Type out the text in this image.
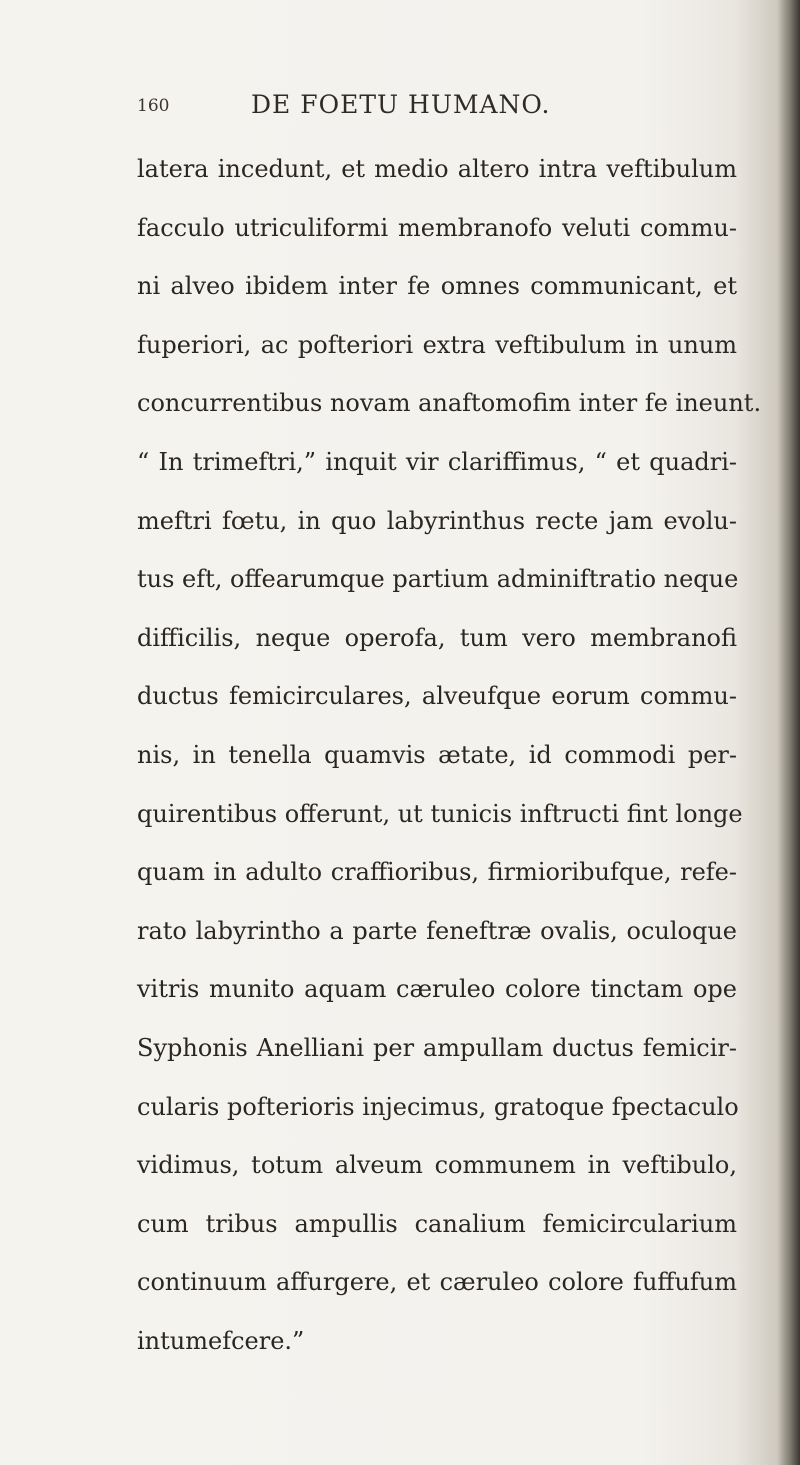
160	DE FOETU HUMANO.
latera incedunt, et medio altero intra veftibulum
facculo utriculiformi membranofo veluti commu-
ni alveo ibidem inter fe omnes communicant, et
fuperiori, ac pofteriori extra veftibulum in unum
concurrentibus novam anaftomofim inter fe ineunt.
“ In trimeftri,” inquit vir clariffimus, “ et quadri-
meftri fœtu, in quo labyrinthus recte jam evolu-
tus eft, offearumque partium adminiftratio neque
difficilis, neque operofa, tum vero membranofi
ductus femicirculares, alveufque eorum commu-
nis, in tenella quamvis ætate, id commodi per-
quirentibus offerunt, ut tunicis inftructi fint longe
quam in adulto craffioribus, firmioribufque, refe-
rato labyrintho a parte feneftræ ovalis, oculoque
vitris munito aquam cæruleo colore tinctam ope
Syphonis Anelliani per ampullam ductus femicir-
cularis pofterioris injecimus, gratoque fpectaculo
vidimus, totum alveum communem in veftibulo,
cum tribus ampullis canalium femicircularium
continuum affurgere, et cæruleo colore fuffufum
intumefcere.”
